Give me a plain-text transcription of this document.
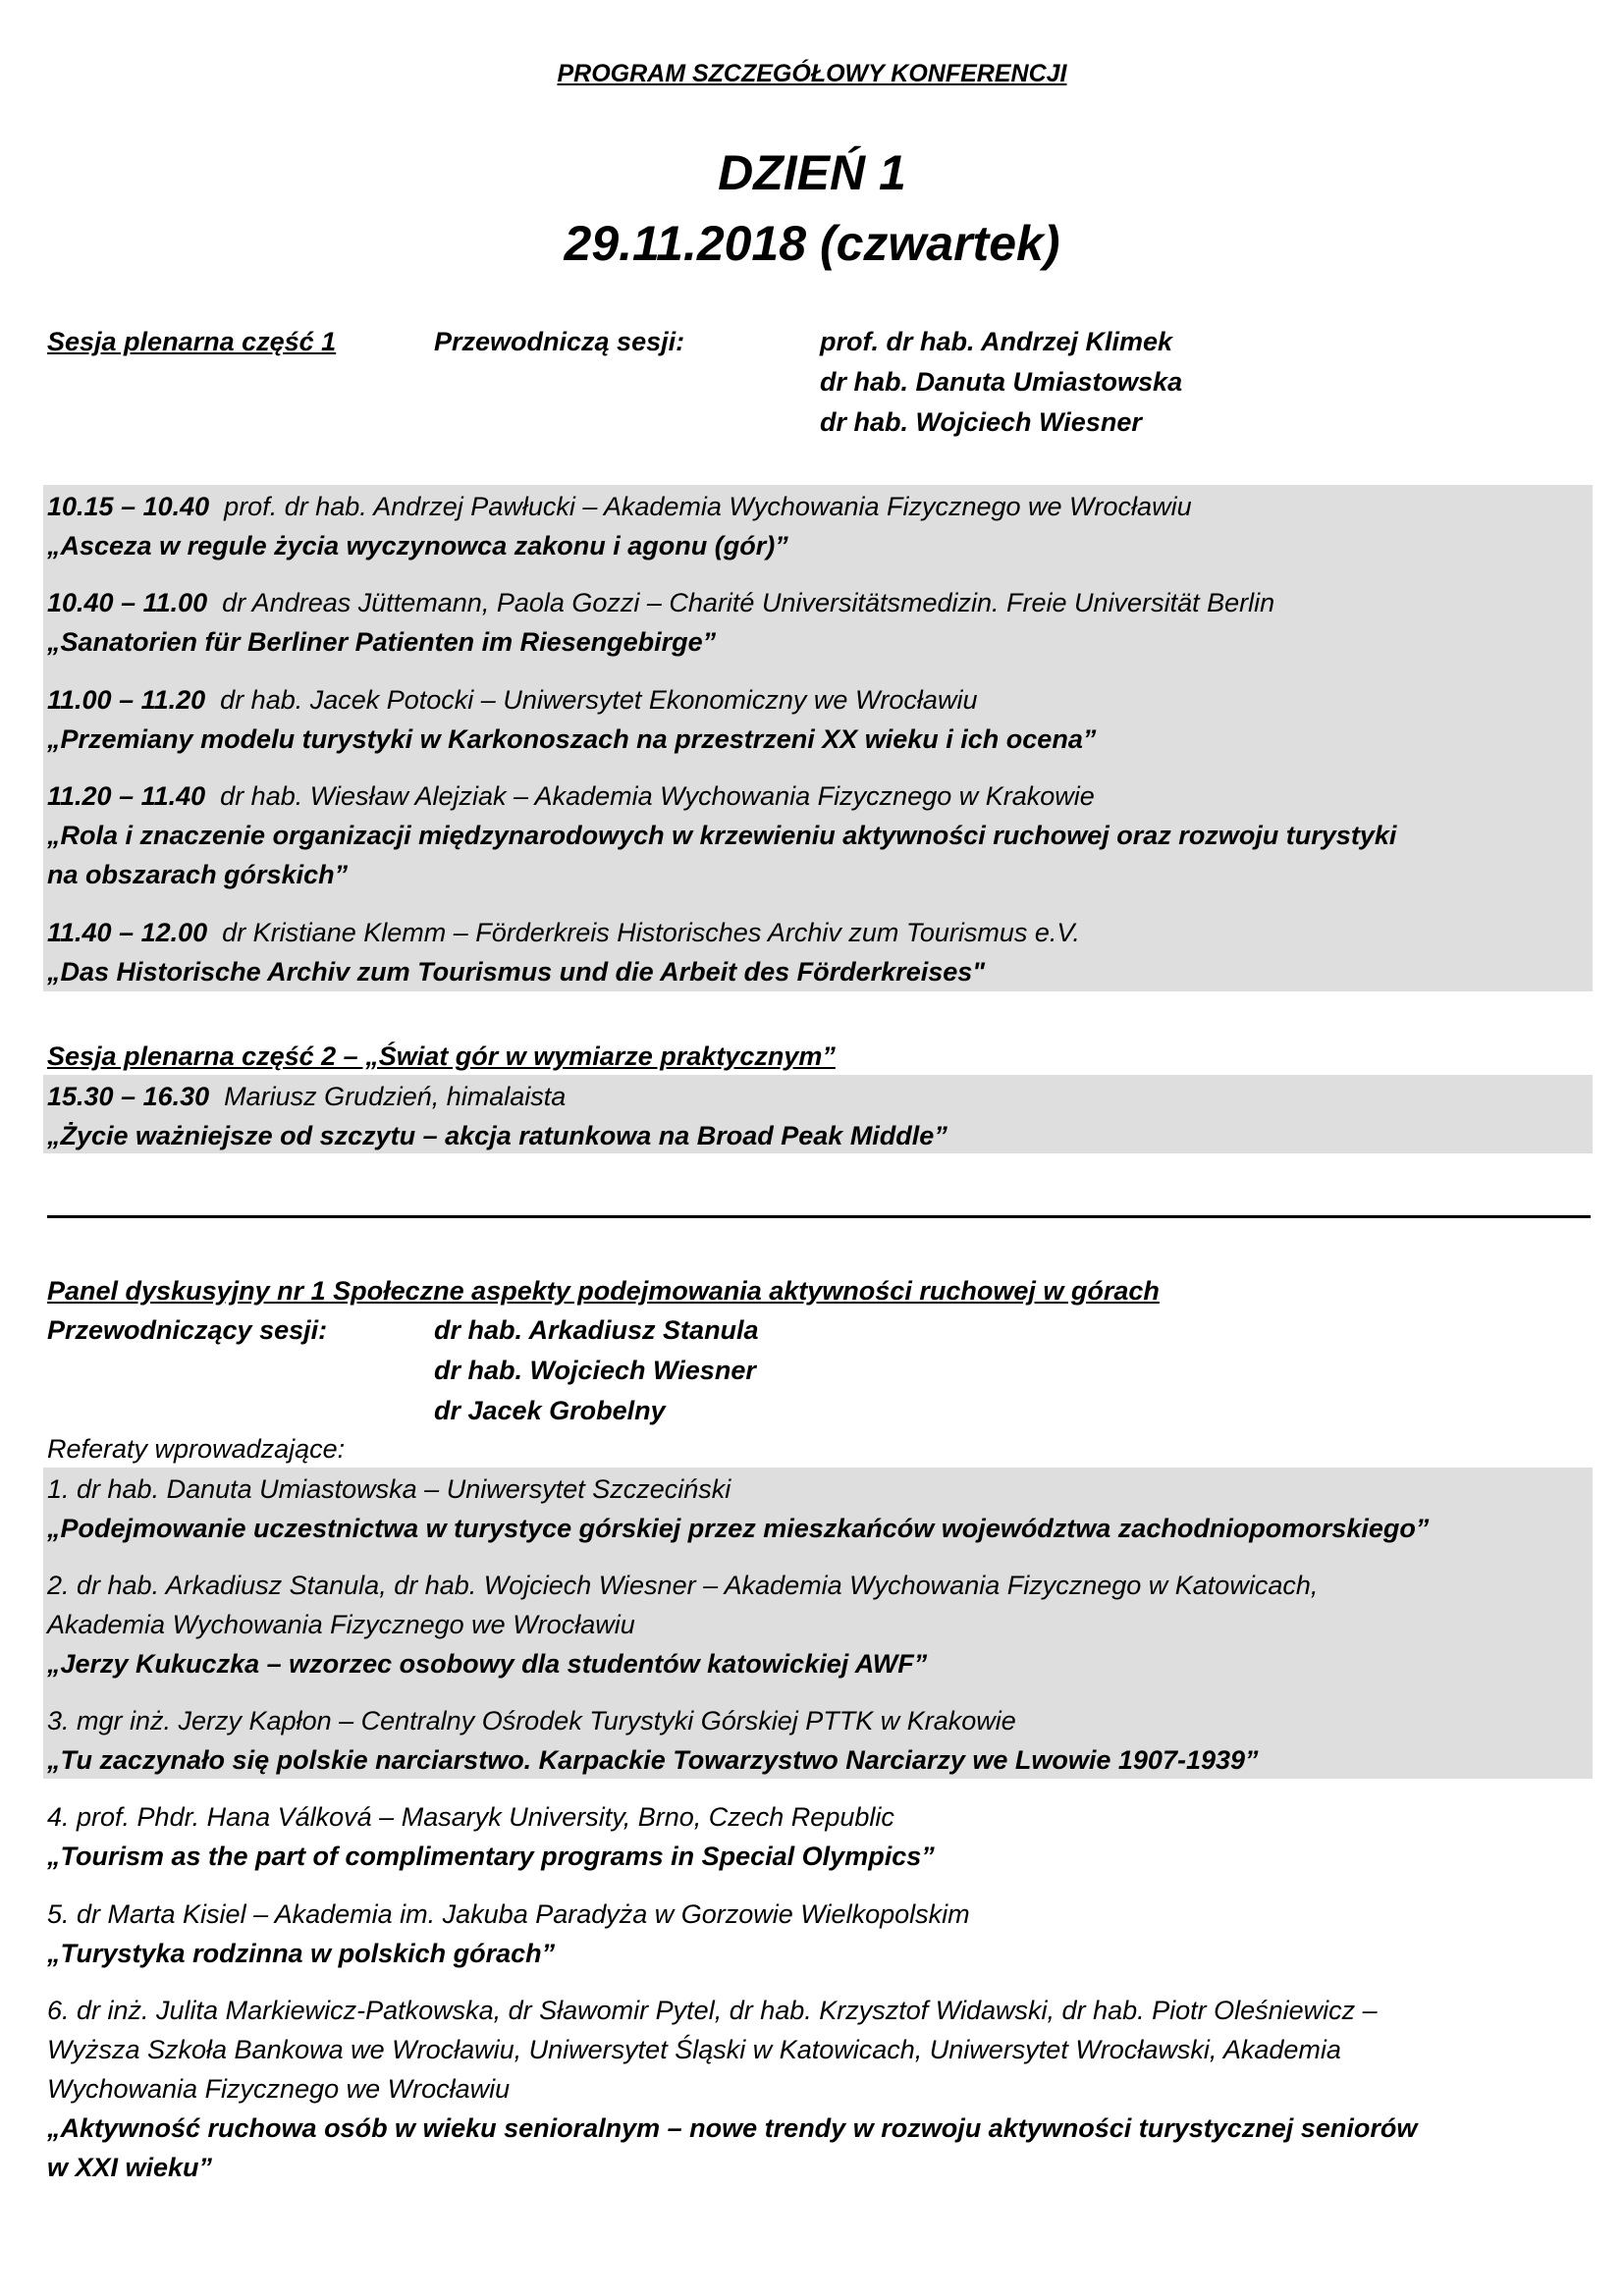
PROGRAM SZCZEGÓŁOWY KONFERENCJI
DZIEŃ 1
29.11.2018 (czwartek)
Sesja plenarna część 1	Przewodniczą sesji:	prof. dr hab. Andrzej Klimek
dr hab. Danuta Umiastowska
dr hab. Wojciech Wiesner
10.15 – 10.40 prof. dr hab. Andrzej Pawłucki – Akademia Wychowania Fizycznego we Wrocławiu
„Asceza w regule życia wyczynowca zakonu i agonu (gór)”
10.40 – 11.00 dr Andreas Jüttemann, Paola Gozzi – Charité Universitätsmedizin. Freie Universität Berlin
„Sanatorien für Berliner Patienten im Riesengebirge”
11.00 – 11.20 dr hab. Jacek Potocki – Uniwersytet Ekonomiczny we Wrocławiu
„Przemiany modelu turystyki w Karkonoszach na przestrzeni XX wieku i ich ocena”
11.20 – 11.40 dr hab. Wiesław Alejziak – Akademia Wychowania Fizycznego w Krakowie
„Rola i znaczenie organizacji międzynarodowych w krzewieniu aktywności ruchowej oraz rozwoju turystyki
na obszarach górskich”
11.40 – 12.00 dr Kristiane Klemm – Förderkreis Historisches Archiv zum Tourismus e.V.
„Das Historische Archiv zum Tourismus und die Arbeit des Förderkreises"
Sesja plenarna część 2 – „Świat gór w wymiarze praktycznym”
15.30 – 16.30 Mariusz Grudzień, himalaista
„Życie ważniejsze od szczytu – akcja ratunkowa na Broad Peak Middle”
Panel dyskusyjny nr 1 Społeczne aspekty podejmowania aktywności ruchowej w górach
Przewodniczący sesji:	dr hab. Arkadiusz Stanula
dr hab. Wojciech Wiesner
dr Jacek Grobelny
Referaty wprowadzające:
1. dr hab. Danuta Umiastowska – Uniwersytet Szczeciński
„Podejmowanie uczestnictwa w turystyce górskiej przez mieszkańców województwa zachodniopomorskiego”
2. dr hab. Arkadiusz Stanula, dr hab. Wojciech Wiesner – Akademia Wychowania Fizycznego w Katowicach,
Akademia Wychowania Fizycznego we Wrocławiu
„Jerzy Kukuczka – wzorzec osobowy dla studentów katowickiej AWF”
3. mgr inż. Jerzy Kapłon – Centralny Ośrodek Turystyki Górskiej PTTK w Krakowie
„Tu zaczynało się polskie narciarstwo. Karpackie Towarzystwo Narciarzy we Lwowie 1907-1939”
4. prof. Phdr. Hana Válková – Masaryk University, Brno, Czech Republic
„Tourism as the part of complimentary programs in Special Olympics”
5. dr Marta Kisiel – Akademia im. Jakuba Paradyża w Gorzowie Wielkopolskim
„Turystyka rodzinna w polskich górach”
6. dr inż. Julita Markiewicz-Patkowska, dr Sławomir Pytel, dr hab. Krzysztof Widawski, dr hab. Piotr Oleśniewicz –
Wyższa Szkoła Bankowa we Wrocławiu, Uniwersytet Śląski w Katowicach, Uniwersytet Wrocławski, Akademia
Wychowania Fizycznego we Wrocławiu
„Aktywność ruchowa osób w wieku senioralnym – nowe trendy w rozwoju aktywności turystycznej seniorów
w XXI wieku”
